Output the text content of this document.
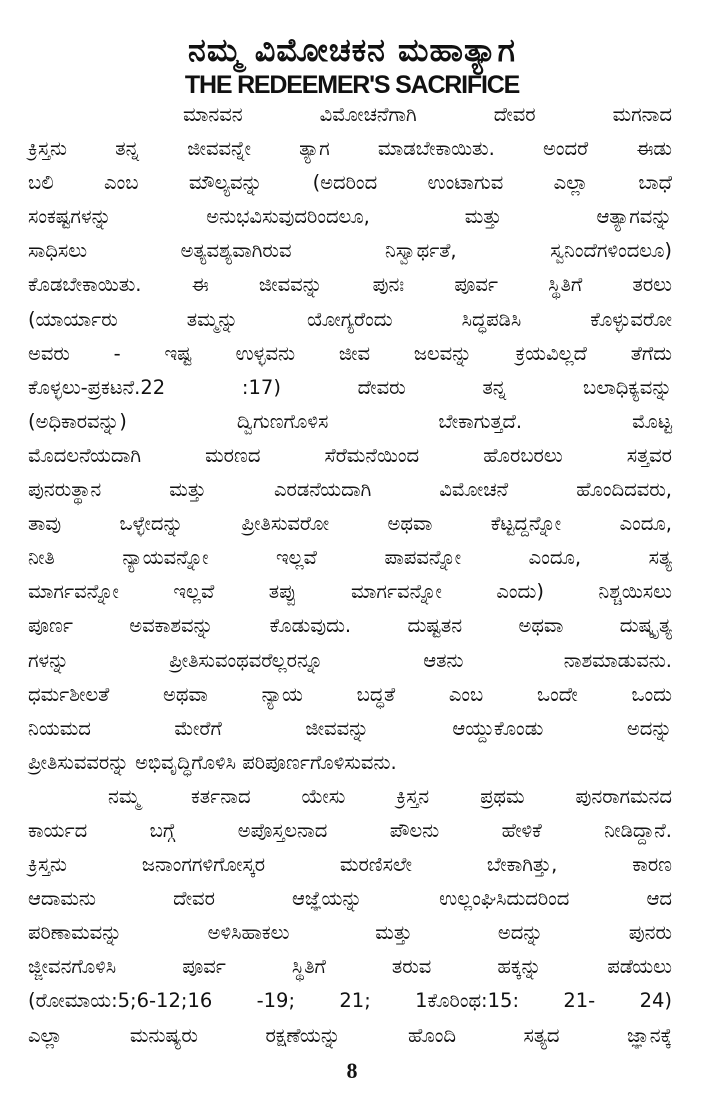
ನಮ್ಮ ವಿಮೋಚಕನ ಮಹಾತ್ಯಾಗ
THE REDEEMER'S SACRIFICE
ಮಾನವನ ವಿಮೋಚನೆಗಾಗಿ ದೇವರ ಮಗನಾದ
ಕ್ರಿಸ್ತನು ತನ್ನ ಜೀವವನ್ನೇ ತ್ಯಾಗ ಮಾಡಬೇಕಾಯಿತು. ಅಂದರೆ ಈಡು
ಬಲಿ ಎಂಬ ಮೌಲ್ಯವನ್ನು (ಅದರಿಂದ ಉಂಟಾಗುವ ಎಲ್ಲಾ ಬಾಧೆ
ಸಂಕಷ್ಟಗಳನ್ನು ಅನುಭವಿಸುವುದರಿಂದಲೂ, ಮತ್ತು ಆತ್ಯಾಗವನ್ನು
ಸಾಧಿಸಲು ಅತ್ಯವಶ್ಯವಾಗಿರುವ ನಿಸ್ವಾರ್ಥತೆ, ಸ್ವನಿಂದೆಗಳಿಂದಲೂ)
ಕೊಡಬೇಕಾಯಿತು. ಈ ಜೀವವನ್ನು ಪುನಃ ಪೂರ್ವ ಸ್ಥಿತಿಗೆ ತರಲು
(ಯಾರ್ಯಾರು ತಮ್ಮನ್ನು ಯೋಗ್ಯರೆಂದು ಸಿದ್ಧಪಡಿಸಿ ಕೊಳ್ಳುವರೋ
ಅವರು - ಇಷ್ಟ ಉಳ್ಳವನು ಜೀವ ಜಲವನ್ನು ಕ್ರಯವಿಲ್ಲದೆ ತೆಗೆದು
ಕೊಳ್ಳಲು-ಪ್ರಕಟನೆ.22 :17) ದೇವರು ತನ್ನ ಬಲಾಧಿಕ್ಯವನ್ನು
(ಅಧಿಕಾರವನ್ನು) ದ್ವಿಗುಣಗೊಳಿಸ ಬೇಕಾಗುತ್ತದೆ. ಮೊಟ್ಟ
ಮೊದಲನೆಯದಾಗಿ ಮರಣದ ಸೆರೆಮನೆಯಿಂದ ಹೊರಬರಲು ಸತ್ತವರ
ಪುನರುತ್ಥಾನ ಮತ್ತು ಎರಡನೆಯದಾಗಿ ವಿಮೋಚನೆ ಹೊಂದಿದವರು,
ತಾವು ಒಳ್ಳೇದನ್ನು ಪ್ರೀತಿಸುವರೋ ಅಥವಾ ಕೆಟ್ಟದ್ದನ್ನೋ ಎಂದೂ,
ನೀತಿ ನ್ಯಾಯವನ್ನೋ ಇಲ್ಲವೆ ಪಾಪವನ್ನೋ ಎಂದೂ, ಸತ್ಯ
ಮಾರ್ಗವನ್ನೋ ಇಲ್ಲವೆ ತಪ್ಪು ಮಾರ್ಗವನ್ನೋ ಎಂದು) ನಿಶ್ಚಯಿಸಲು
ಪೂರ್ಣ ಅವಕಾಶವನ್ನು ಕೊಡುವುದು. ದುಷ್ಟತನ ಅಥವಾ ದುಷ್ಕೃತ್ಯ
ಗಳನ್ನು ಪ್ರೀತಿಸುವಂಥವರೆಲ್ಲರನ್ನೂ ಆತನು ನಾಶಮಾಡುವನು.
ಧರ್ಮಶೀಲತೆ ಅಥವಾ ನ್ಯಾಯ ಬದ್ಧತೆ ಎಂಬ ಒಂದೇ ಒಂದು
ನಿಯಮದ ಮೇರೆಗೆ ಜೀವವನ್ನು ಆಯ್ದುಕೊಂಡು ಅದನ್ನು
ಪ್ರೀತಿಸುವವರನ್ನು ಅಭಿವೃದ್ಧಿಗೊಳಿಸಿ ಪರಿಪೂರ್ಣಗೊಳಿಸುವನು.
ನಮ್ಮ ಕರ್ತನಾದ ಯೇಸು ಕ್ರಿಸ್ತನ ಪ್ರಥಮ ಪುನರಾಗಮನದ
ಕಾರ್ಯದ ಬಗ್ಗೆ ಅಪೊಸ್ತಲನಾದ ಪೌಲನು ಹೇಳಿಕೆ ನೀಡಿದ್ದಾನೆ.
ಕ್ರಿಸ್ತನು ಜನಾಂಗಗಳಿಗೋಸ್ಕರ ಮರಣಿಸಲೇ ಬೇಕಾಗಿತ್ತು, ಕಾರಣ
ಆದಾಮನು ದೇವರ ಆಜ್ಞೆಯನ್ನು ಉಲ್ಲಂಘಿಸಿದುದರಿಂದ ಆದ
ಪರಿಣಾಮವನ್ನು ಅಳಿಸಿಹಾಕಲು ಮತ್ತು ಅದನ್ನು ಪುನರು
ಜ್ಜೀವನಗೊಳಿಸಿ ಪೂರ್ವ ಸ್ಥಿತಿಗೆ ತರುವ ಹಕ್ಕನ್ನು ಪಡೆಯಲು
(ರೋಮಾಯ:5;6-12;16 -19; 21; 1ಕೊರಿಂಥ:15: 21- 24)
ಎಲ್ಲಾ ಮನುಷ್ಯರು ರಕ್ಷಣೆಯನ್ನು ಹೊಂದಿ ಸತ್ಯದ ಜ್ಞಾನಕ್ಕೆ
8
